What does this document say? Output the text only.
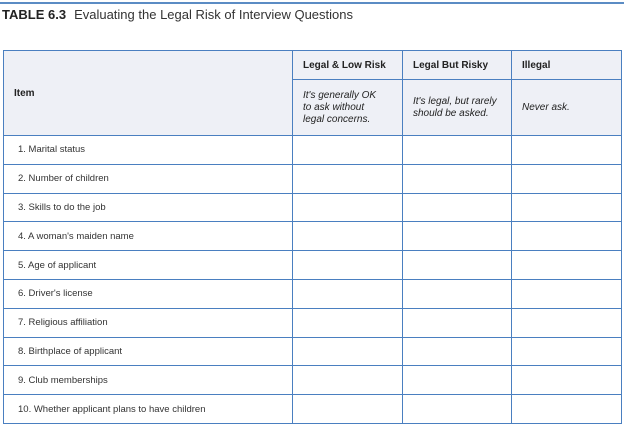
TABLE 6.3 Evaluating the Legal Risk of Interview Questions
Item	Legal & Low Risk	Legal But Risky	Illegal
	It's generally OK to ask without legal concerns.	It's legal, but rarely should be asked.	Never ask.
1. Marital status			
2. Number of children			
3. Skills to do the job			
4. A woman's maiden name			
5. Age of applicant			
6. Driver's license			
7. Religious affiliation			
8. Birthplace of applicant			
9. Club memberships			
10. Whether applicant plans to have children			
